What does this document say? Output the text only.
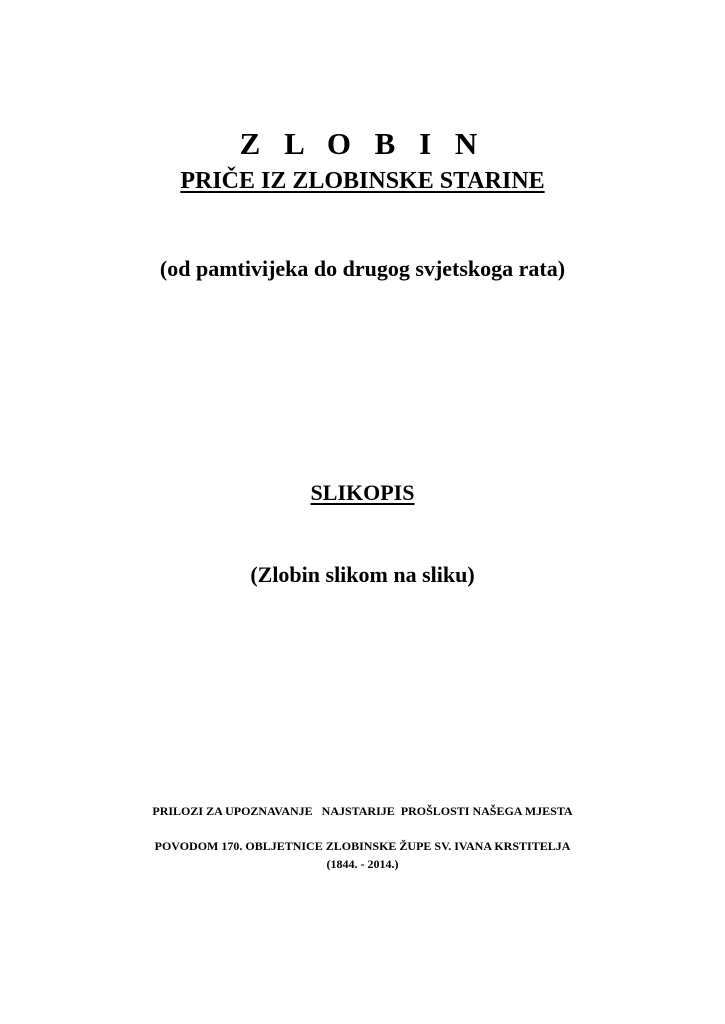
Z L O B I N
PRIČE IZ ZLOBINSKE STARINE

(od pamtivijeka do drugog svjetskoga rata)

SLIKOPIS

(Zlobin slikom na sliku)

PRILOZI ZA UPOZNAVANJE   NAJSTARIJE  PROŠLOSTI NAŠEGA MJESTA

POVODOM 170. OBLJETNICE ZLOBINSKE ŽUPE SV. IVANA KRSTITELJA

(1844. - 2014.)
